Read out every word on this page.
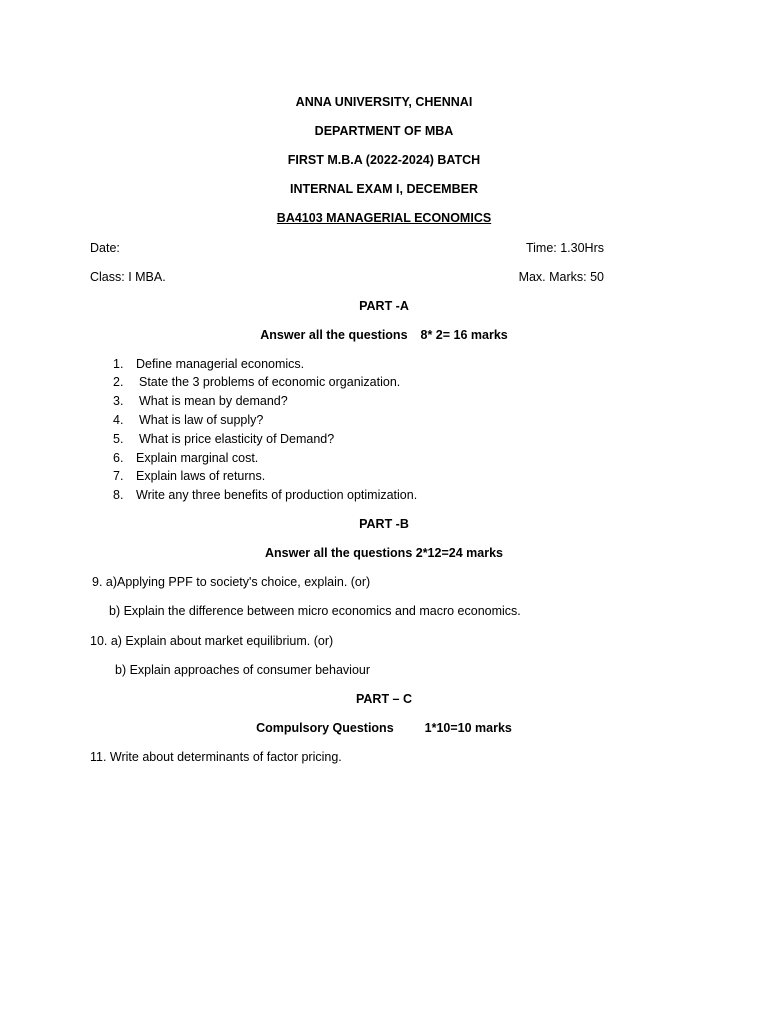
ANNA UNIVERSITY, CHENNAI
DEPARTMENT OF MBA
FIRST M.B.A (2022-2024) BATCH
INTERNAL EXAM I, DECEMBER
BA4103 MANAGERIAL ECONOMICS
Date:	Time: 1.30Hrs
Class: I MBA.	Max. Marks: 50
PART -A
Answer all the questions 8* 2= 16 marks
1.	Define managerial economics.
2.	State the 3 problems of economic organization.
3.	What is mean by demand?
4.	What is law of supply?
5.	What is price elasticity of Demand?
6.	Explain marginal cost.
7.	Explain laws of returns.
8.	Write any three benefits of production optimization.
PART -B
Answer all the questions 2*12=24 marks
9. a)Applying PPF to society's choice, explain. (or)
b) Explain the difference between micro economics and macro economics.
10. a) Explain about market equilibrium. (or)
b) Explain approaches of consumer behaviour
PART – C
Compulsory Questions 1*10=10 marks
11. Write about determinants of factor pricing.
